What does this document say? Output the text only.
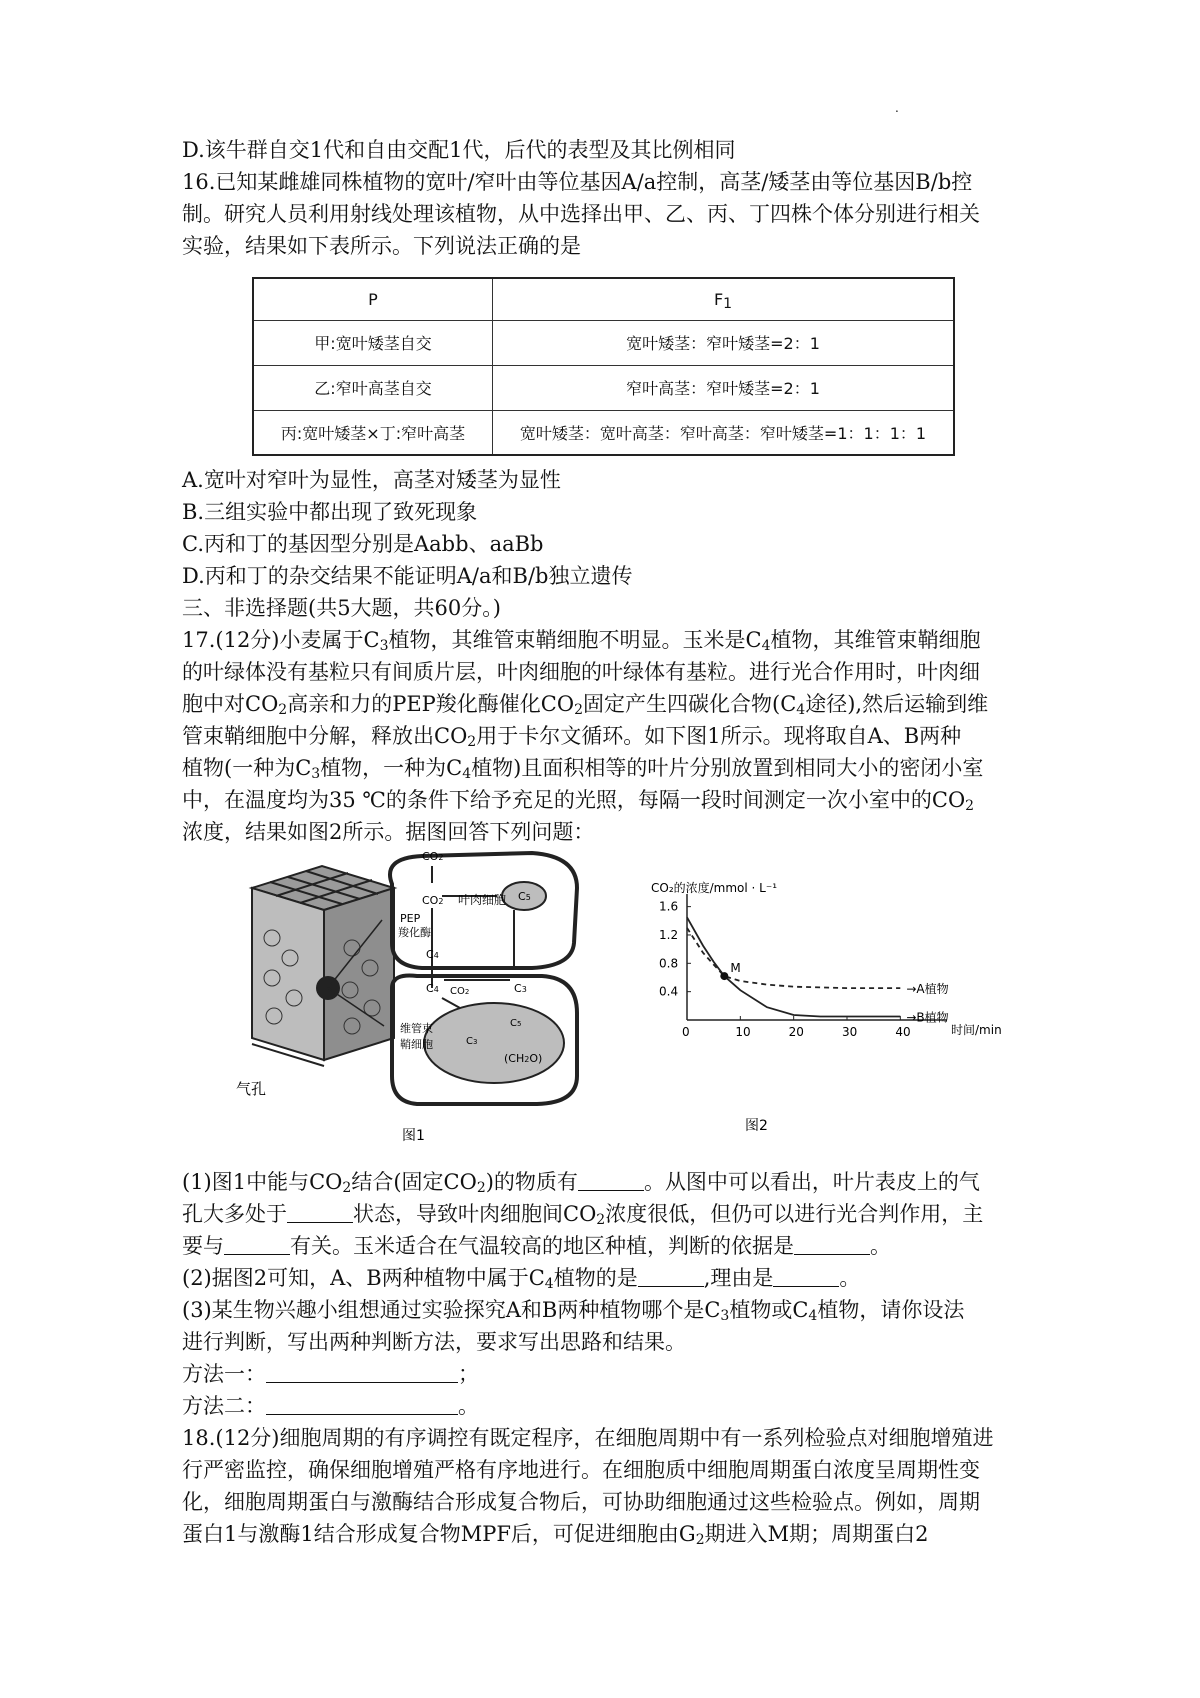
.
D.该牛群自交1代和自由交配1代，后代的表型及其比例相同
16.已知某雌雄同株植物的宽叶/窄叶由等位基因A/a控制，高茎/矮茎由等位基因B/b控
制。研究人员利用射线处理该植物，从中选择出甲、乙、丙、丁四株个体分别进行相关
实验，结果如下表所示。下列说法正确的是
P	$F_1$
甲:宽叶矮茎自交	宽叶矮茎：窄叶矮茎=2：1
乙:窄叶高茎自交	窄叶高茎：窄叶矮茎=2：1
丙:宽叶矮茎×丁:窄叶高茎	宽叶矮茎：宽叶高茎：窄叶高茎：窄叶矮茎=1：1：1：1
A.宽叶对窄叶为显性，高茎对矮茎为显性
B.三组实验中都出现了致死现象
C.丙和丁的基因型分别是Aabb、aaBb
D.丙和丁的杂交结果不能证明A/a和B/b独立遗传
三、非选择题(共5大题，共60分。)
17.(12分)小麦属于$C_3$植物，其维管束鞘细胞不明显。玉米是$C_4$植物，其维管束鞘细胞
的叶绿体没有基粒只有间质片层，叶肉细胞的叶绿体有基粒。进行光合作用时，叶肉细
胞中对$CO_2$高亲和力的PEP羧化酶催化$CO_2$固定产生四碳化合物($C_4$途径),然后运输到维
管束鞘细胞中分解，释放出$CO_2$用于卡尔文循环。如下图1所示。现将取自A、B两种
植物(一种为$C_3$植物，一种为$C_4$植物)且面积相等的叶片分别放置到相同大小的密闭小室
中，在温度均为35 ℃的条件下给予充足的光照，每隔一段时间测定一次小室中的$CO_2$
浓度，结果如图2所示。据图回答下列问题：
气孔
CO2
CO2 叶肉细胞
PEP
羧化酶
C5
C4
C4	C3
CO2
维管束
鞘细胞
C5
C3
(CH2O)
图1
0	10	20	30	40
0.4
0.8
1.2
1.6
CO₂的浓度/mmol · L⁻¹
时间/min
→A植物
→B植物
M
图2
(1)图1中能与$CO_2$结合(固定$CO_2$)的物质有	。从图中可以看出，叶片表皮上的气
孔大多处于	状态，导致叶肉细胞间$CO_2$浓度很低，但仍可以进行光合判作用，主
要与	有关。玉米适合在气温较高的地区种植，判断的依据是	。
(2)据图2可知，A、B两种植物中属于$C_4$植物的是	,理由是	。
(3)某生物兴趣小组想通过实验探究A和B两种植物哪个是$C_3$植物或$C_4$植物，请你设法
进行判断，写出两种判断方法，要求写出思路和结果。
方法一：	；
方法二：	。
18.(12分)细胞周期的有序调控有既定程序，在细胞周期中有一系列检验点对细胞增殖进
行严密监控，确保细胞增殖严格有序地进行。在细胞质中细胞周期蛋白浓度呈周期性变
化，细胞周期蛋白与激酶结合形成复合物后，可协助细胞通过这些检验点。例如，周期
蛋白1与激酶1结合形成复合物MPF后，可促进细胞由$G_2$期进入M期；周期蛋白2
